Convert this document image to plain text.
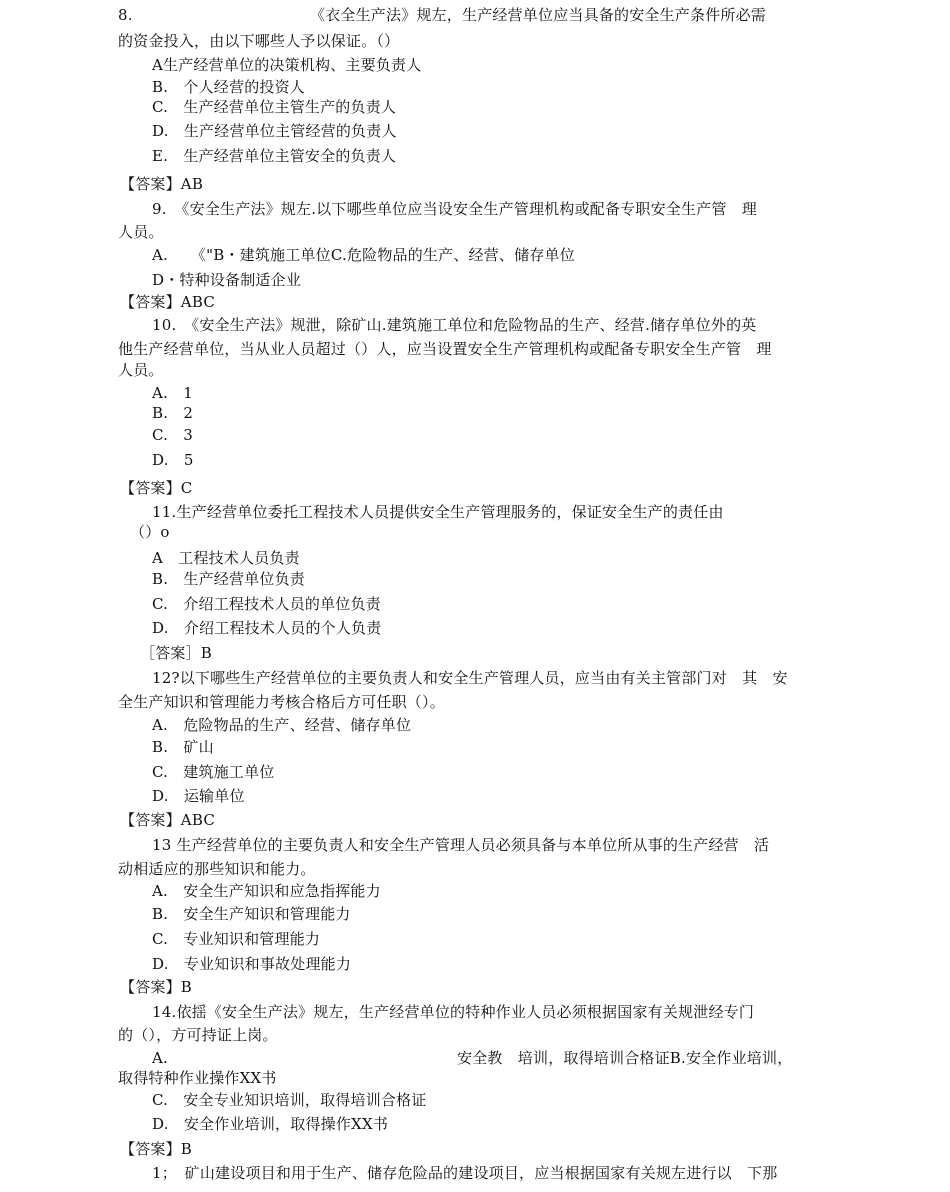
8.	《衣全生产法》规左，生产经营单位应当具备的安全生产条件所必需
的资金投入，由以下哪些人予以保证。（）
A生产经营单位的决策机构、主要负责人
B.　个人经营的投资人
C.　生产经营单位主管生产的负责人
D.　生产经营单位主管经营的负责人
E.　生产经营单位主管安全的负责人
【答案】AB
9.　《安全生产法》规左.以下哪些单位应当设安全生产管理机构或配备专职安全生产管　理
人员。
A.　　《"B・建筑施工单位C.危险物品的生产、经营、储存单位
D・特种设备制适企业
【答案】ABC
10.　《安全生产法》规泄，除矿山.建筑施工单位和危险物品的生产、经营.储存单位外的英
他生产经营单位，当从业人员超过（）人，应当设置安全生产管理机构或配备专职安全生产管　理
人员。
A.　1
B.　2
C.　3
D.　5
【答案】C
11.生产经营单位委托工程技术人员提供安全生产管理服务的，保证安全生产的责任由
（）o
A　工程技术人员负责
B.　生产经营单位负责
C.　介绍工程技术人员的单位负责
D.　介绍工程技术人员的个人负责
［答案］B
12?以下哪些生产经营单位的主要负责人和安全生产管理人员，应当由有关主管部门对　其　安
全生产知识和管理能力考核合格后方可任职（）。
A.　危险物品的生产、经营、储存单位
B.　矿山
C.　建筑施工单位
D.　运输单位
【答案】ABC
13 生产经营单位的主要负责人和安全生产管理人员必须具备与本单位所从事的生产经营　活
动相适应的那些知识和能力。
A.　安全生产知识和应急指挥能力
B.　安全生产知识和管理能力
C.　专业知识和管理能力
D.　专业知识和事故处理能力
【答案】B
14.依揺《安全生产法》规左，生产经营单位的特种作业人员必须根据国家有关规泄经专门
的（），方可持证上岗。
A.	安全教　培训，取得培训合格证B.安全作业培训，
取得特种作业操作XX书
C.　安全专业知识培训，取得培训合格证
D.　安全作业培训，取得操作XX书
【答案】B
1；　矿山建设项目和用于生产、储存危险品的建设项目，应当根据国家有关规左进行以　下那
